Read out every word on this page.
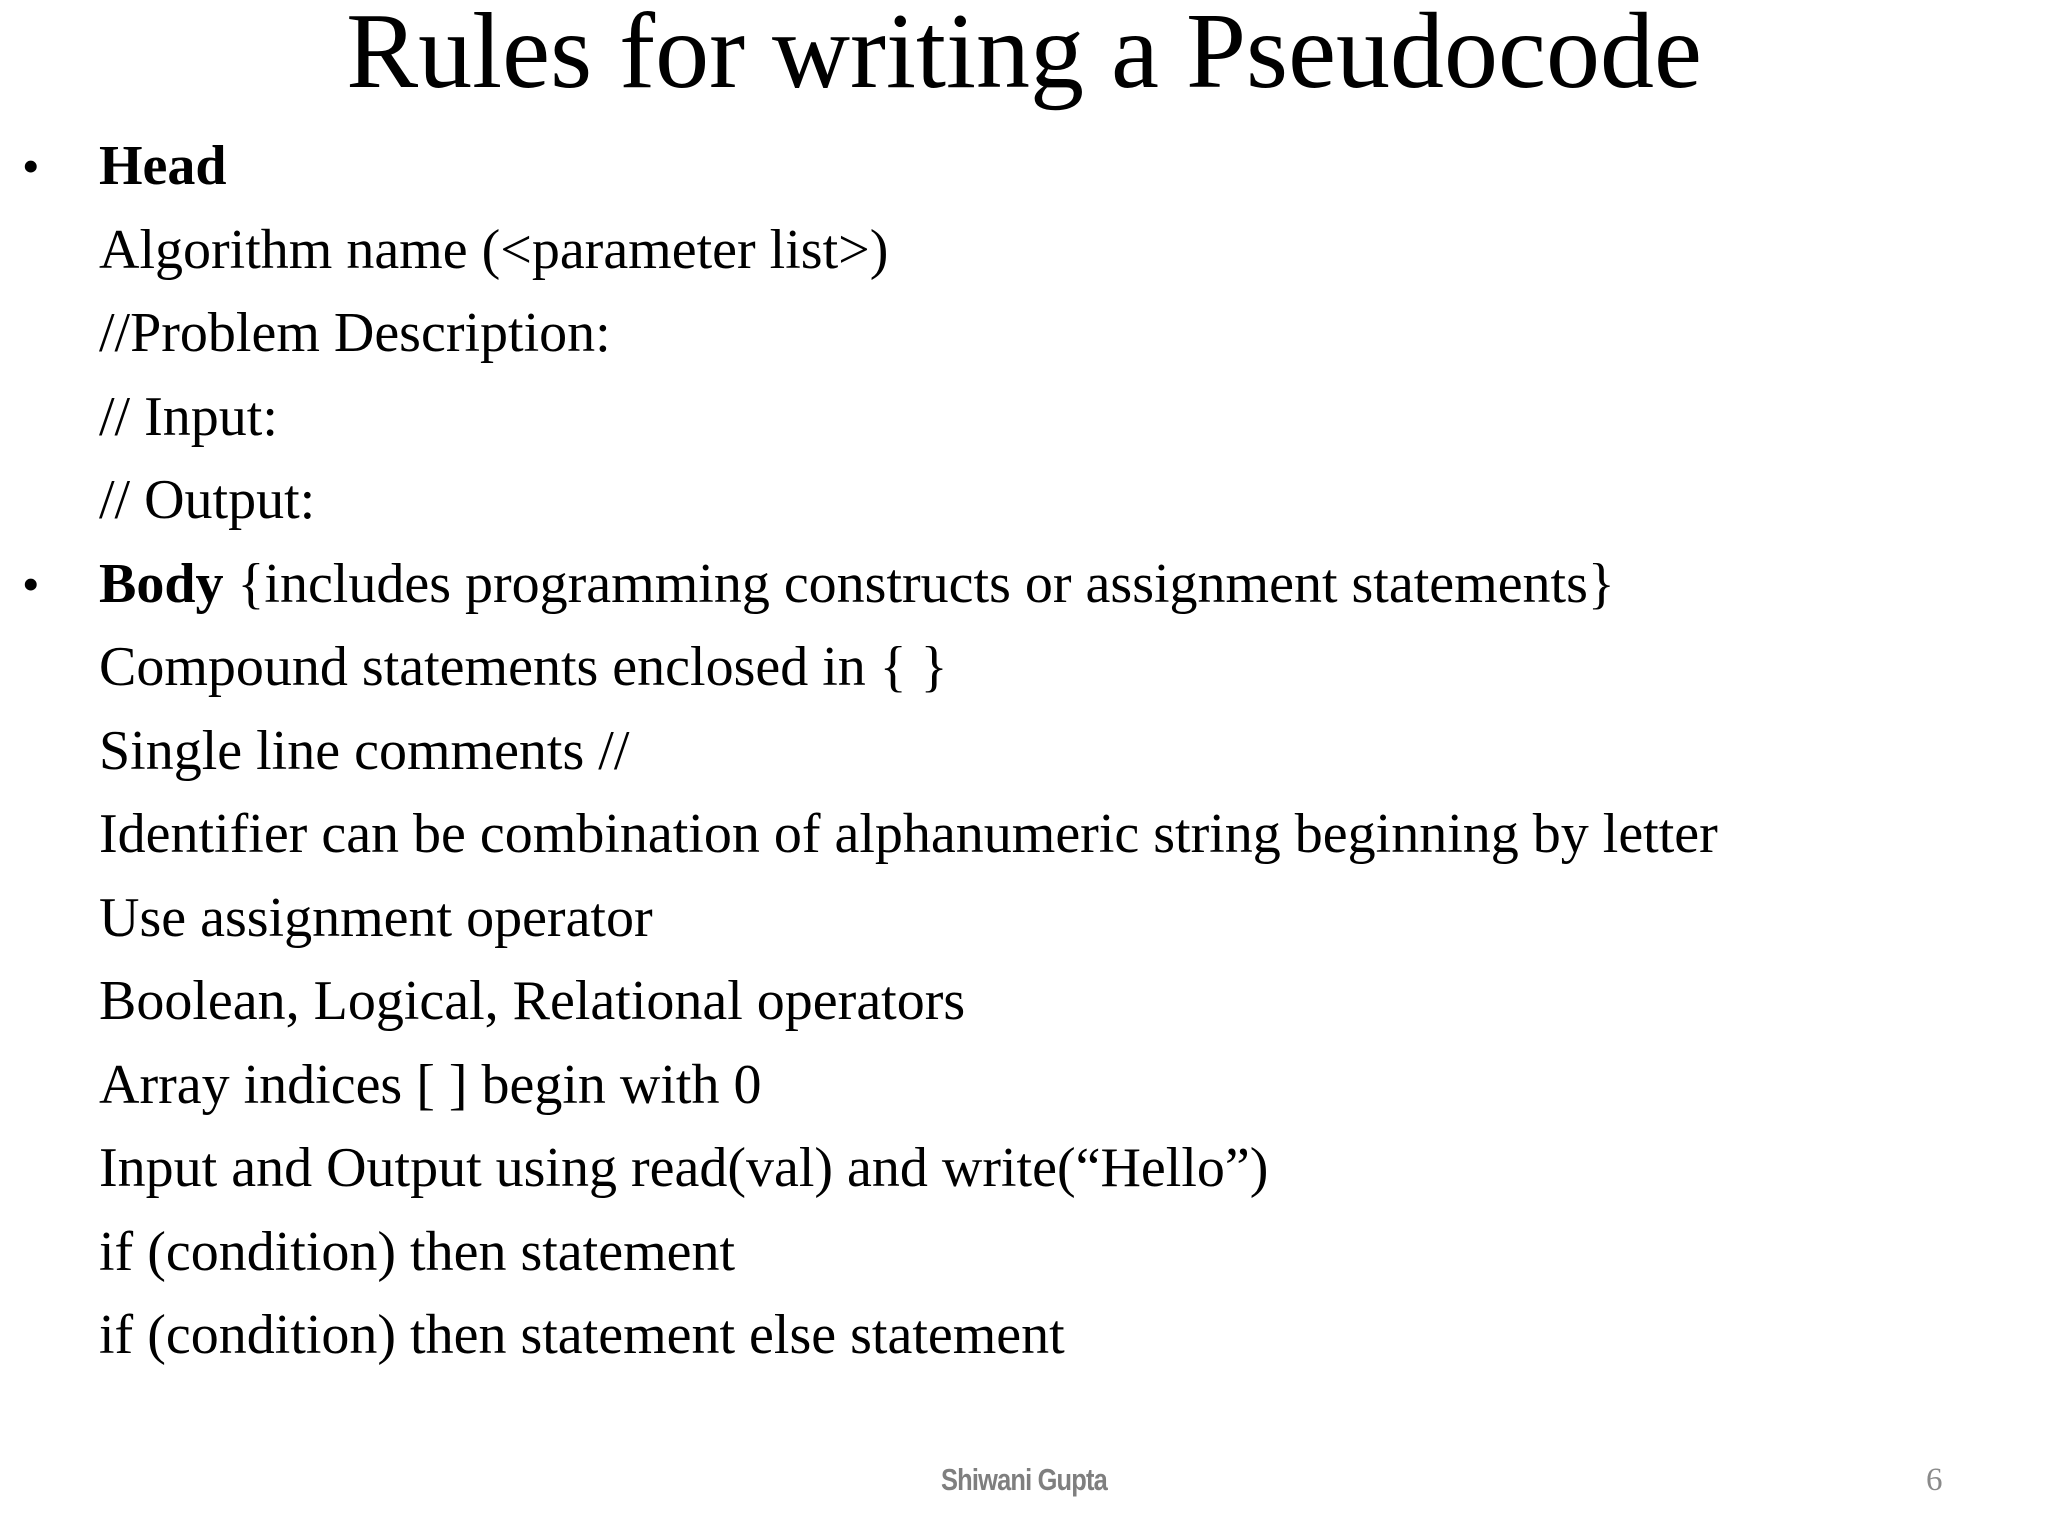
Rules for writing a Pseudocode
• Head
Algorithm name (<parameter list>)
//Problem Description:
// Input:
// Output:
• Body {includes programming constructs or assignment statements}
Compound statements enclosed in { }
Single line comments //
Identifier can be combination of alphanumeric string beginning by letter
Use assignment operator
Boolean, Logical, Relational operators
Array indices [ ] begin with 0
Input and Output using read(val) and write(“Hello”)
if (condition) then statement
if (condition) then statement else statement
Shiwani Gupta	6
